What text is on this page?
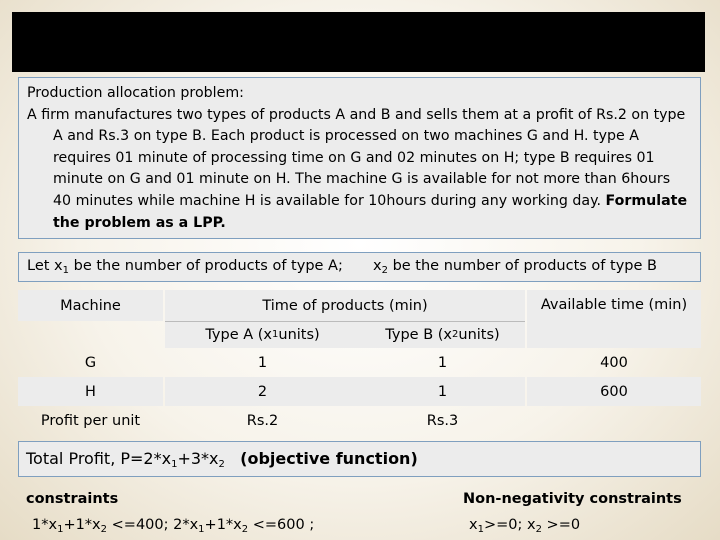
Production allocation problem:
A firm manufactures two types of products A and B and sells them at a profit of Rs.2 on type A and Rs.3 on type B. Each product is processed on two machines G and H. type A requires 01 minute of processing time on G and 02 minutes on H; type B requires 01 minute on G and 01 minute on H. The machine G is available for not more than 6hours 40 minutes while machine H is available for 10hours during any working day. Formulate the problem as a LPP.
Let $x_1$ be the number of products of type A; $x_2$ be the number of products of type B
Machine	Time of products (min)	Available time (min)
Type A (x 1 units)	Type B (x 2 units)
G	1	1	400
H	2	1	600
Profit per unit	Rs.2	Rs.3
Total Profit, $P=2*x_1+3*x_2$ (objective function)
constraints
$1*x_1+1*x_2 <=400$; $2*x_1+1*x_2 <=600$ ;
Non-negativity constraints
$x_1>=0$; $x_2 >=0$
